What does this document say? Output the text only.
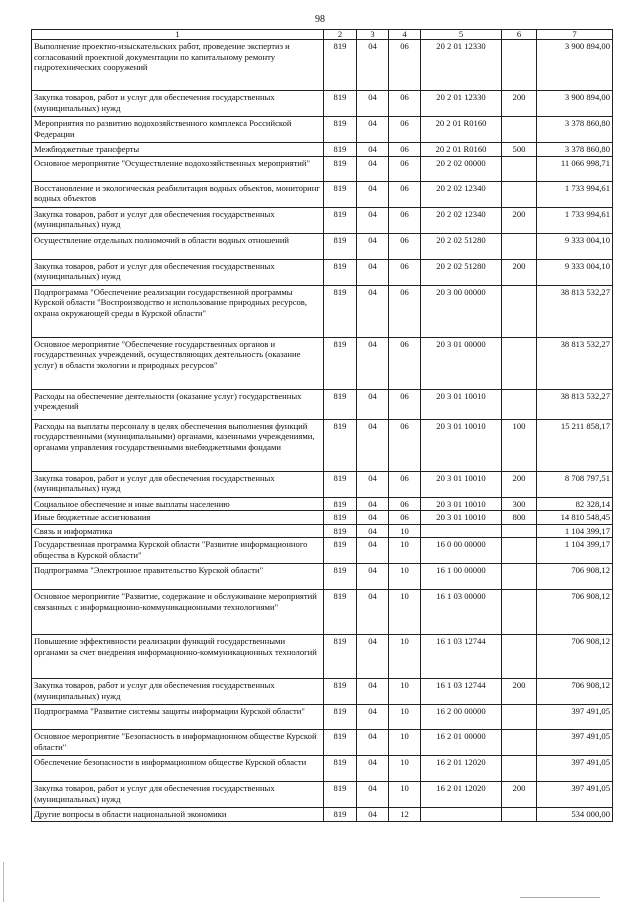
98
1	2	3	4	5	6	7
Выполнение проектно-изыскательских работ, проведение экспертиз и согласований проектной документации по капитальному ремонту гидротехнических сооружений	819	04	06	20 2 01 12330		3 900 894,00
Закупка товаров, работ и услуг для обеспечения государственных (муниципальных) нужд	819	04	06	20 2 01 12330	200	3 900 894,00
Мероприятия по развитию водохозяйственного комплекса Российской Федерации	819	04	06	20 2 01 R0160		3 378 860,80
Межбюджетные трансферты	819	04	06	20 2 01 R0160	500	3 378 860,80
Основное мероприятие "Осуществление водохозяйственных мероприятий"	819	04	06	20 2 02 00000		11 066 998,71
Восстановление и экологическая реабилитация водных объектов, мониторинг водных объектов	819	04	06	20 2 02 12340		1 733 994,61
Закупка товаров, работ и услуг для обеспечения государственных (муниципальных) нужд	819	04	06	20 2 02 12340	200	1 733 994,61
Осуществление отдельных полномочий в области водных отношений	819	04	06	20 2 02 51280		9 333 004,10
Закупка товаров, работ и услуг для обеспечения государственных (муниципальных) нужд	819	04	06	20 2 02 51280	200	9 333 004,10
Подпрограмма "Обеспечение реализации государственной программы Курской области "Воспроизводство и использование природных ресурсов, охрана окружающей среды в Курской области"	819	04	06	20 3 00 00000		38 813 532,27
Основное мероприятие "Обеспечение государственных органов и государственных учреждений, осуществляющих деятельность (оказание услуг) в области экологии и природных ресурсов"	819	04	06	20 3 01 00000		38 813 532,27
Расходы на обеспечение деятельности (оказание услуг) государственных учреждений	819	04	06	20 3 01 10010		38 813 532,27
Расходы на выплаты персоналу в целях обеспечения выполнения функций государственными (муниципальными) органами, казенными учреждениями, органами управления государственными внебюджетными фондами	819	04	06	20 3 01 10010	100	15 211 858,17
Закупка товаров, работ и услуг для обеспечения государственных (муниципальных) нужд	819	04	06	20 3 01 10010	200	8 708 797,51
Социальное обеспечение и иные выплаты населению	819	04	06	20 3 01 10010	300	82 328,14
Иные бюджетные ассигнования	819	04	06	20 3 01 10010	800	14 810 548,45
Связь и информатика	819	04	10			1 104 399,17
Государственная программа Курской области "Развитие информационного общества в Курской области"	819	04	10	16 0 00 00000		1 104 399,17
Подпрограмма "Электронное правительство Курской области"	819	04	10	16 1 00 00000		706 908,12
Основное мероприятие "Развитие, содержание и обслуживание мероприятий связанных с информационно-коммуникационными технологиями"	819	04	10	16 1 03 00000		706 908,12
Повышение эффективности реализации функций государственными органами за счет внедрения информационно-коммуникационных технологий	819	04	10	16 1 03 12744		706 908,12
Закупка товаров, работ и услуг для обеспечения государственных (муниципальных) нужд	819	04	10	16 1 03 12744	200	706 908,12
Подпрограмма "Развитие системы защиты информации Курской области"	819	04	10	16 2 00 00000		397 491,05
Основное мероприятие "Безопасность в информационном обществе Курской области"	819	04	10	16 2 01 00000		397 491,05
Обеспечение безопасности в информационном обществе Курской области	819	04	10	16 2 01 12020		397 491,05
Закупка товаров, работ и услуг для обеспечения государственных (муниципальных) нужд	819	04	10	16 2 01 12020	200	397 491,05
Другие вопросы в области национальной экономики	819	04	12			534 000,00
